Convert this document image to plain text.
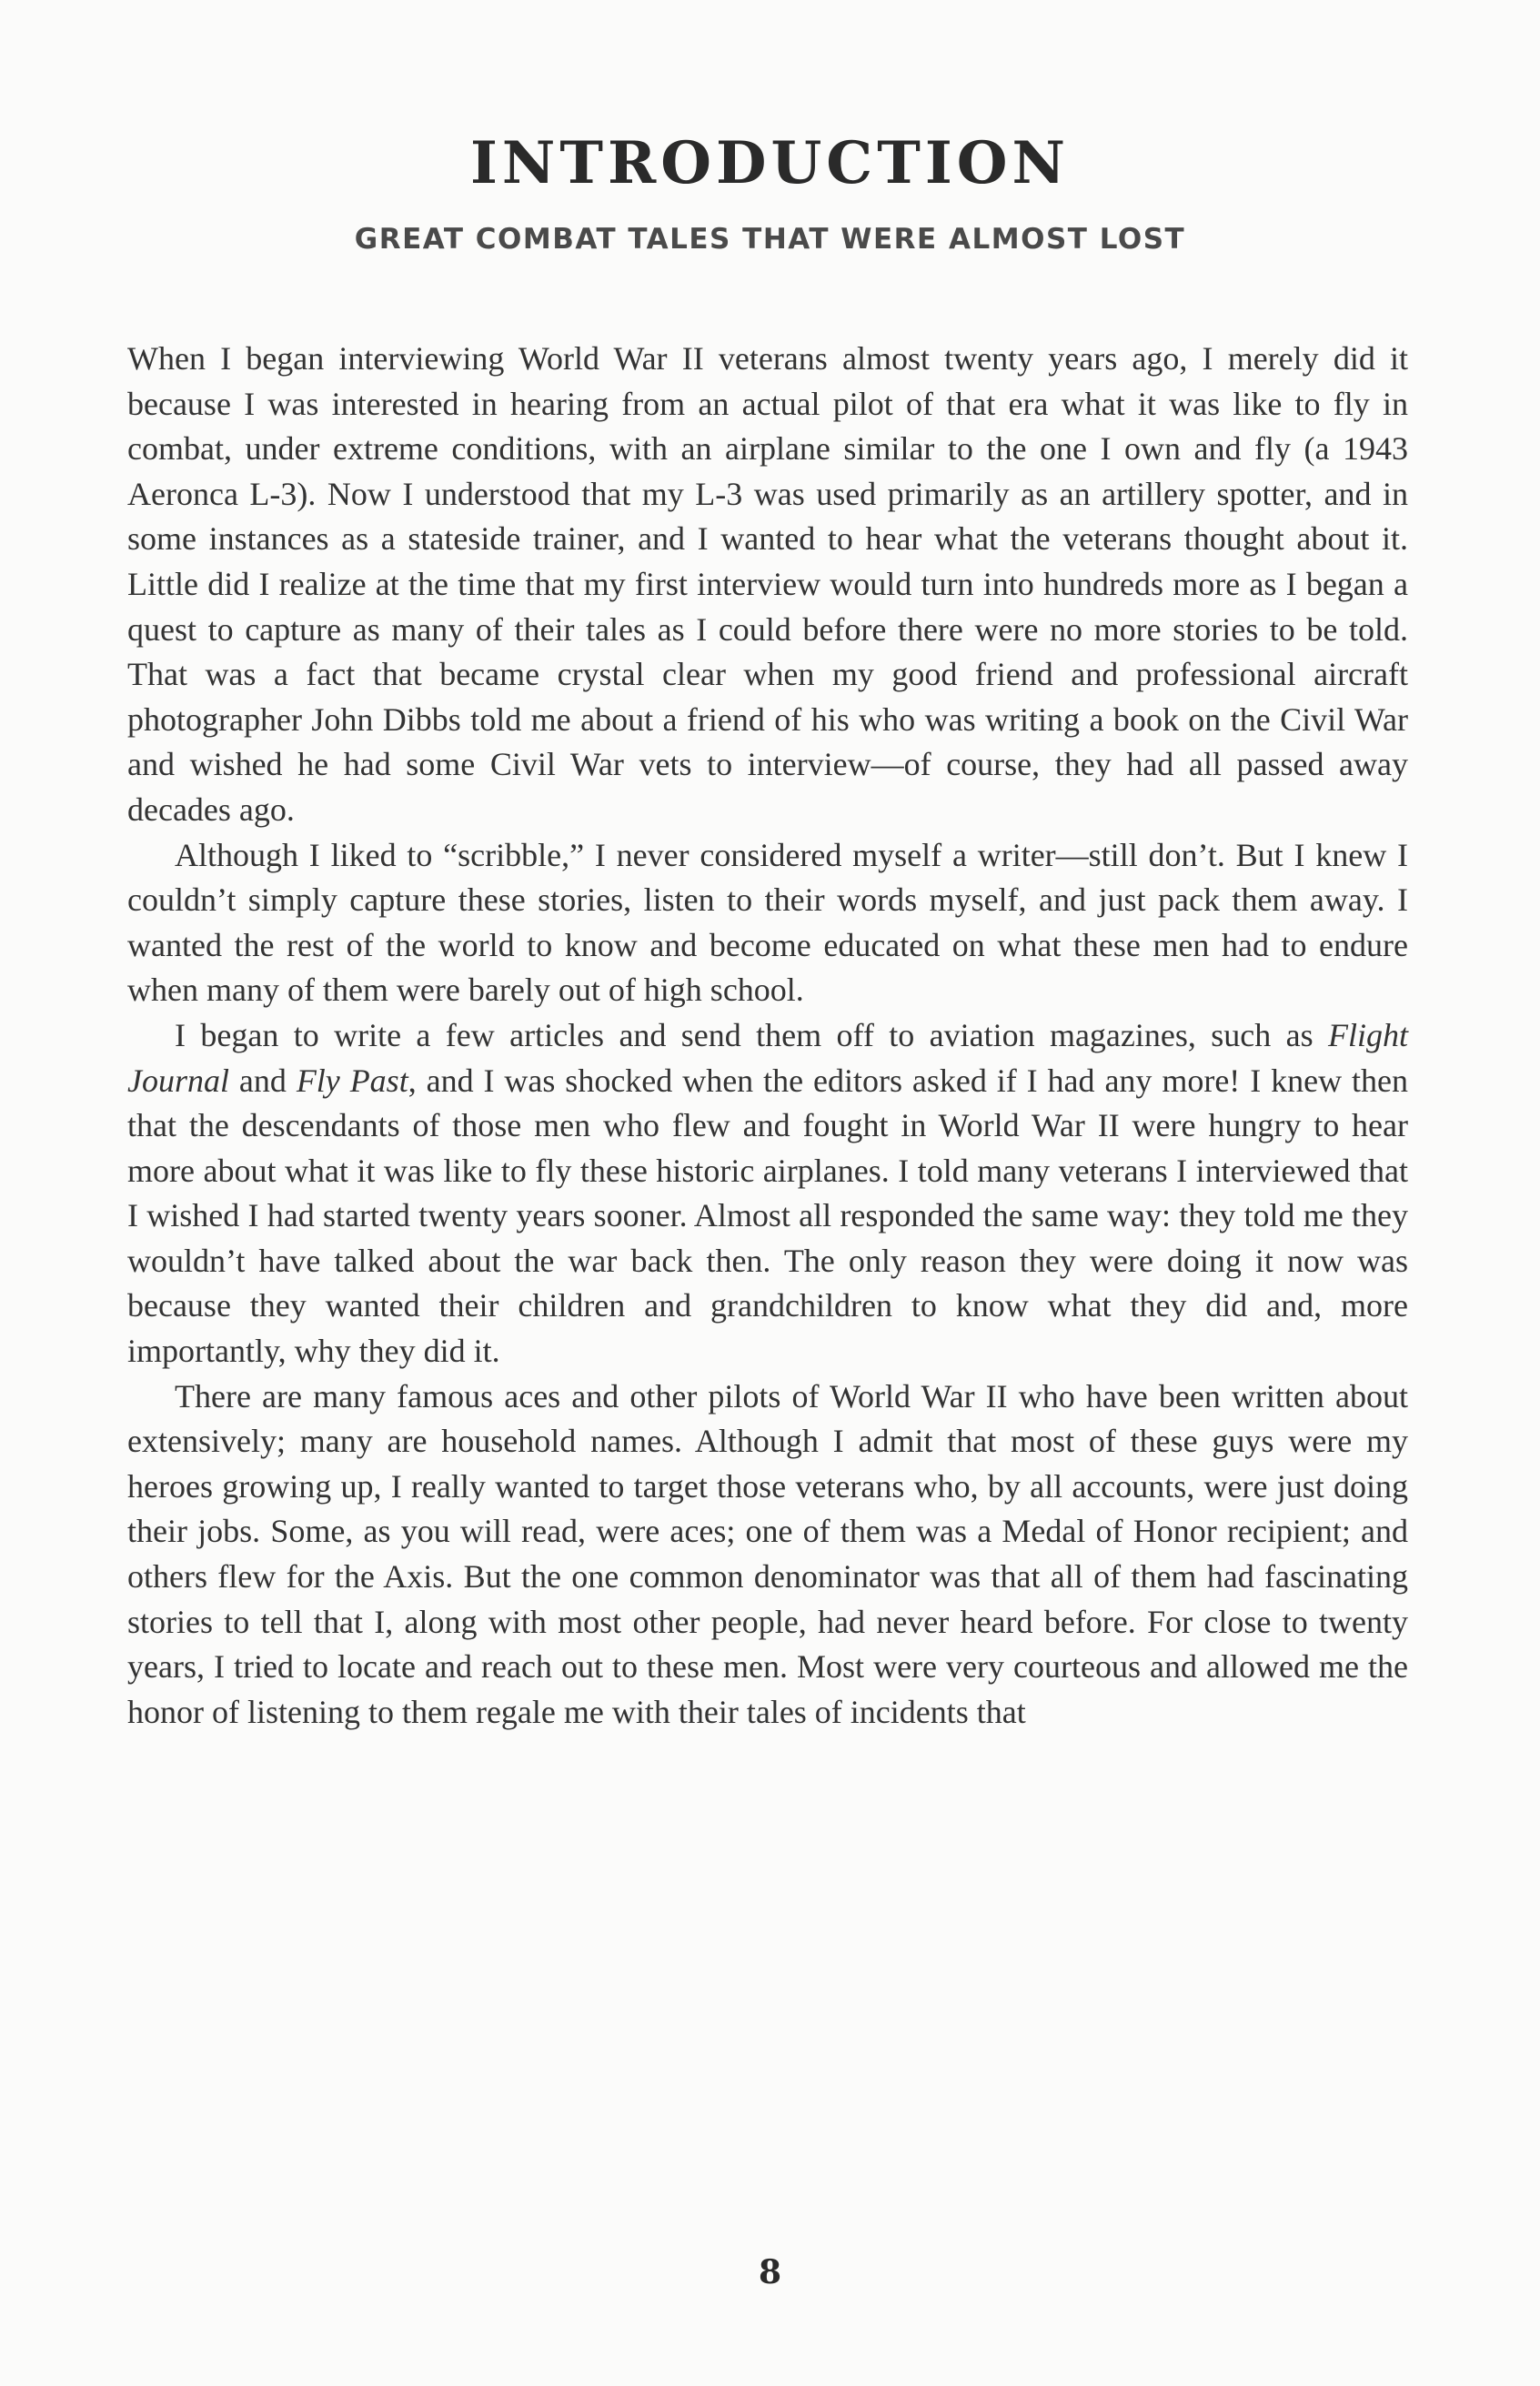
INTRODUCTION
GREAT COMBAT TALES THAT WERE ALMOST LOST

When I began interviewing World War II veterans almost twenty years ago, I merely did it because I was interested in hearing from an actual pilot of that era what it was like to fly in combat, under extreme conditions, with an airplane similar to the one I own and fly (a 1943 Aeronca L-3). Now I understood that my L-3 was used primarily as an artillery spotter, and in some instances as a stateside trainer, and I wanted to hear what the veterans thought about it. Little did I realize at the time that my first interview would turn into hundreds more as I began a quest to capture as many of their tales as I could before there were no more stories to be told. That was a fact that became crystal clear when my good friend and professional aircraft photographer John Dibbs told me about a friend of his who was writing a book on the Civil War and wished he had some Civil War vets to interview—of course, they had all passed away decades ago.

Although I liked to “scribble,” I never considered myself a writer—still don’t. But I knew I couldn’t simply capture these stories, listen to their words myself, and just pack them away. I wanted the rest of the world to know and become educated on what these men had to endure when many of them were barely out of high school.

I began to write a few articles and send them off to aviation magazines, such as Flight Journal and Fly Past, and I was shocked when the editors asked if I had any more! I knew then that the descendants of those men who flew and fought in World War II were hungry to hear more about what it was like to fly these historic airplanes. I told many veterans I interviewed that I wished I had started twenty years sooner. Almost all responded the same way: they told me they wouldn’t have talked about the war back then. The only reason they were doing it now was because they wanted their children and grandchildren to know what they did and, more importantly, why they did it.

There are many famous aces and other pilots of World War II who have been written about extensively; many are household names. Although I admit that most of these guys were my heroes growing up, I really wanted to target those veterans who, by all accounts, were just doing their jobs. Some, as you will read, were aces; one of them was a Medal of Honor recipient; and others flew for the Axis. But the one common denominator was that all of them had fascinating stories to tell that I, along with most other people, had never heard before. For close to twenty years, I tried to locate and reach out to these men. Most were very courteous and allowed me the honor of listening to them regale me with their tales of incidents that

8
